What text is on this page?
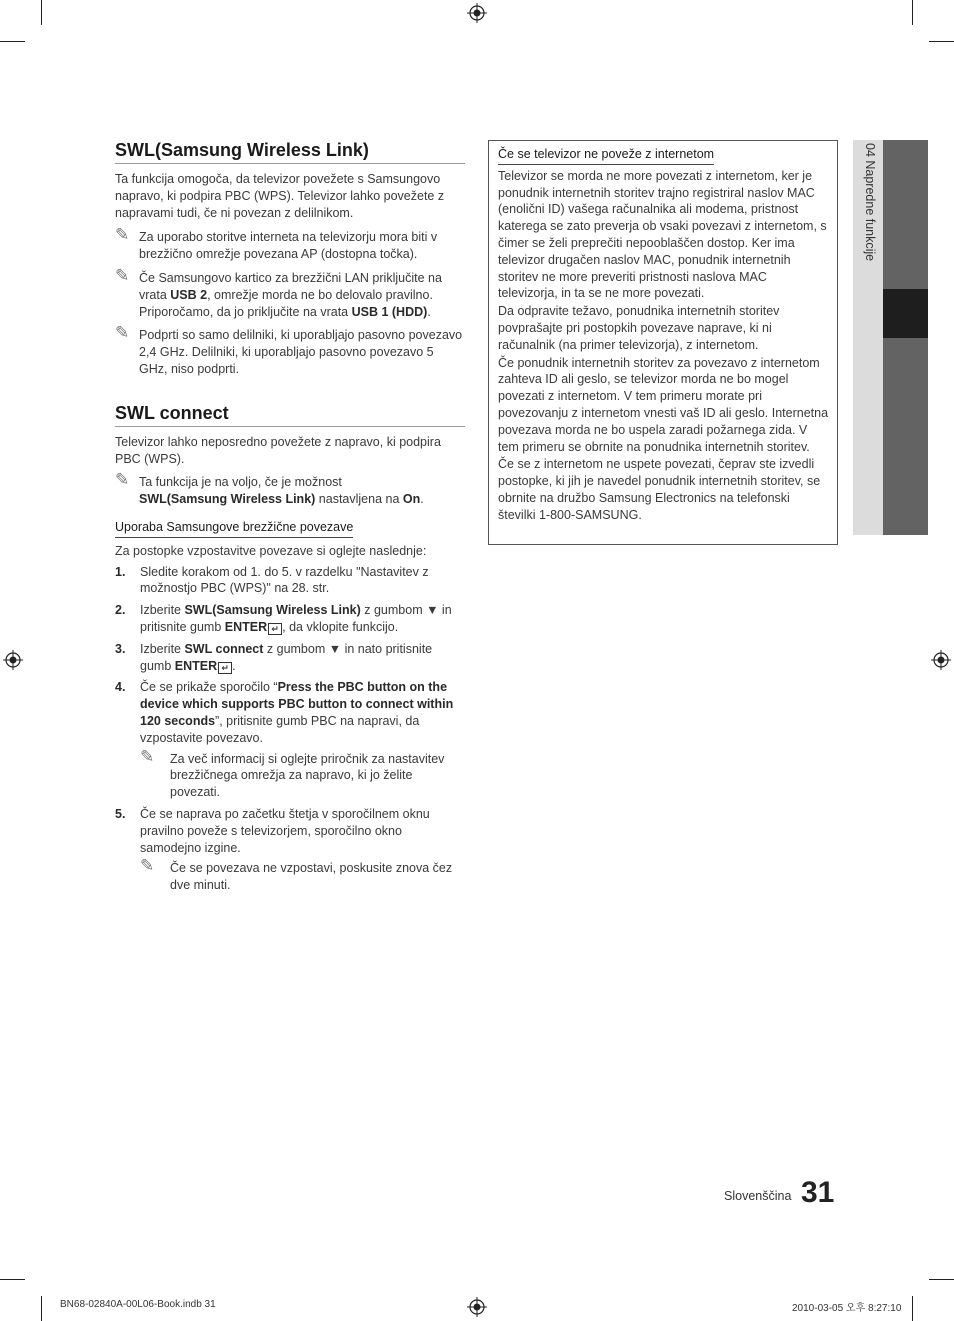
SWL(Samsung Wireless Link)

Ta funkcija omogoča, da televizor povežete s Samsungovo napravo, ki podpira PBC (WPS). Televizor lahko povežete z napravami tudi, če ni povezan z delilnikom.

✎ Za uporabo storitve interneta na televizorju mora biti v brezžično omrežje povezana AP (dostopna točka).
✎ Če Samsungovo kartico za brezžični LAN priključite na vrata USB 2, omrežje morda ne bo delovalo pravilno. Priporočamo, da jo priključite na vrata USB 1 (HDD).
✎ Podprti so samo delilniki, ki uporabljajo pasovno povezavo 2,4 GHz. Delilniki, ki uporabljajo pasovno povezavo 5 GHz, niso podprti.
SWL connect

Televizor lahko neposredno povežete z napravo, ki podpira PBC (WPS).

✎ Ta funkcija je na voljo, če je možnost
SWL(Samsung Wireless Link) nastavljena na On.
Uporaba Samsungove brezžične povezave

Za postopke vzpostavitve povezave si oglejte naslednje:

1. Sledite korakom od 1. do 5. v razdelku "Nastavitev z možnostjo PBC (WPS)" na 28. str.
2. Izberite SWL(Samsung Wireless Link) z gumbom ▼ in pritisnite gumb ENTER ↵ , da vklopite funkcijo.
3. Izberite SWL connect z gumbom ▼ in nato pritisnite gumb ENTER ↵ .
4. Če se prikaže sporočilo “Press the PBC button on the device which supports PBC button to connect within 120 seconds”, pritisnite gumb PBC na napravi, da vzpostavite povezavo.
✎ Za več informacij si oglejte priročnik za nastavitev brezžičnega omrežja za napravo, ki jo želite povezati.
5. Če se naprava po začetku štetja v sporočilnem oknu pravilno poveže s televizorjem, sporočilno okno samodejno izgine.
✎ Če se povezava ne vzpostavi, poskusite znova čez dve minuti.
Če se televizor ne poveže z internetom

Televizor se morda ne more povezati z internetom, ker je ponudnik internetnih storitev trajno registriral naslov MAC (enolični ID) vašega računalnika ali modema, pristnost katerega se zato preverja ob vsaki povezavi z internetom, s čimer se želi preprečiti nepooblaščen dostop. Ker ima televizor drugačen naslov MAC, ponudnik internetnih storitev ne more preveriti pristnosti naslova MAC televizorja, in ta se ne more povezati.

Da odpravite težavo, ponudnika internetnih storitev povprašajte pri postopkih povezave naprave, ki ni računalnik (na primer televizorja), z internetom.

Če ponudnik internetnih storitev za povezavo z internetom zahteva ID ali geslo, se televizor morda ne bo mogel povezati z internetom. V tem primeru morate pri povezovanju z internetom vnesti vaš ID ali geslo. Internetna povezava morda ne bo uspela zaradi požarnega zida. V tem primeru se obrnite na ponudnika internetnih storitev.

Če se z internetom ne uspete povezati, čeprav ste izvedli postopke, ki jih je navedel ponudnik internetnih storitev, se obrnite na družbo Samsung Electronics na telefonski številki 1-800-SAMSUNG.

04 Napredne funkcije
Slovenščina 31
BN68-02840A-00L06-Book.indb 31	2010-03-05 오후 8:27:10
